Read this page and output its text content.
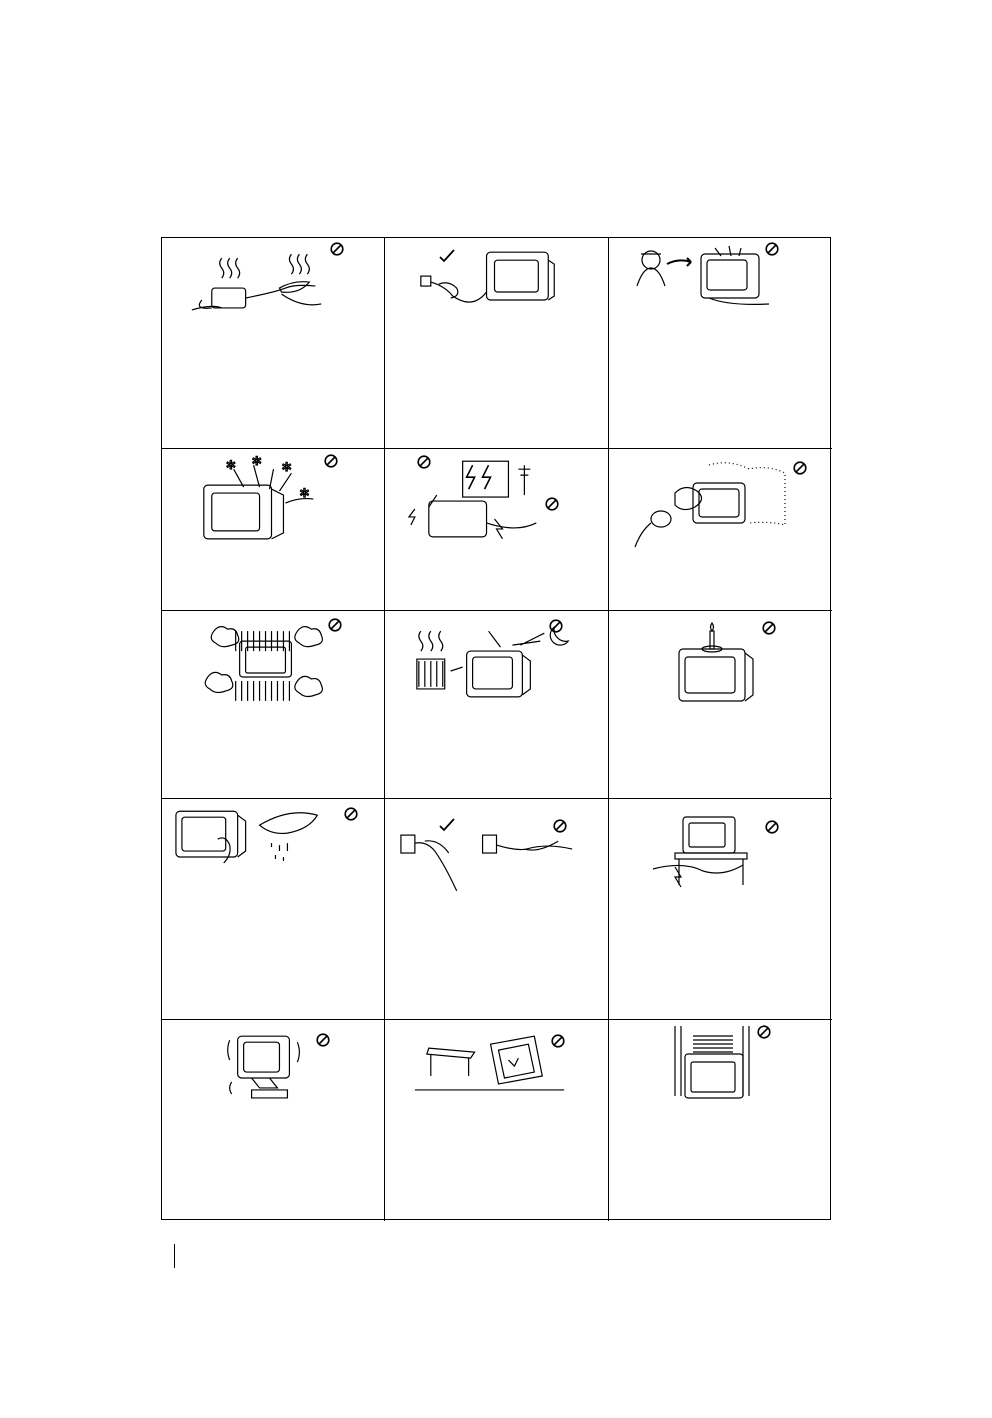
✲ ✲ ✲
✲
